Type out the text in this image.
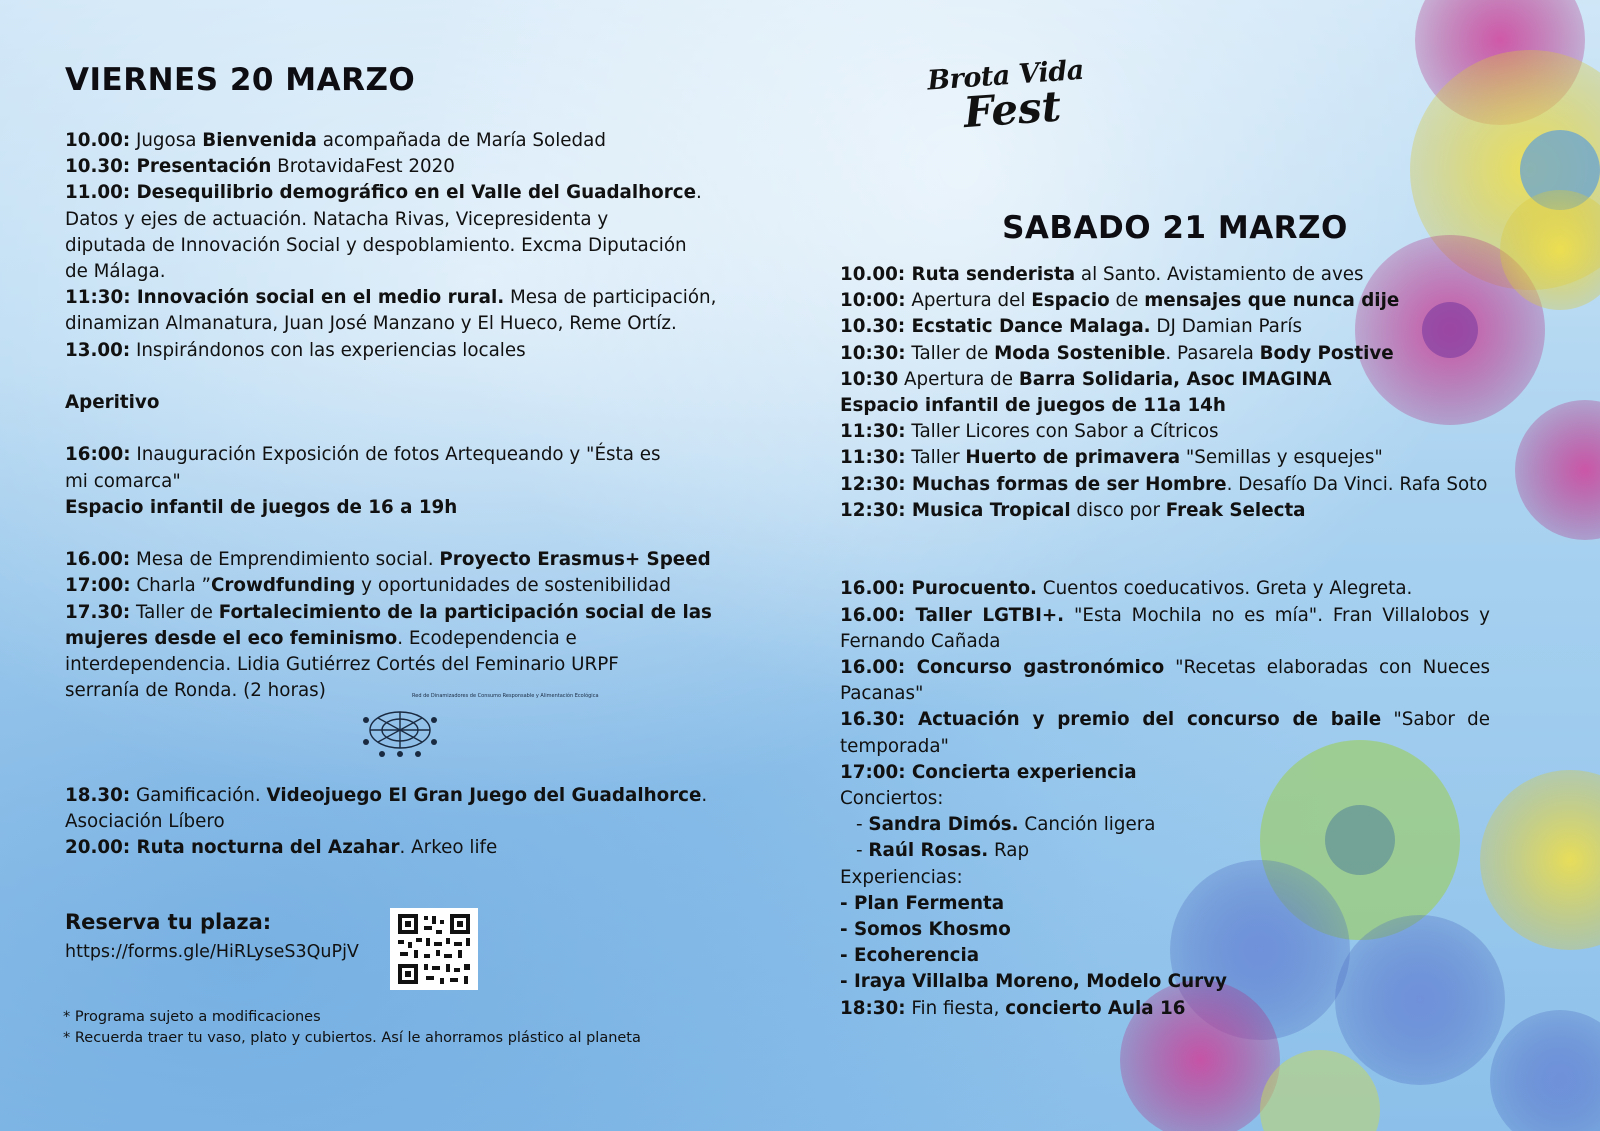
Brota Vida
Fest
VIERNES 20 MARZO
10.00: Jugosa Bienvenida acompañada de María Soledad
10.30: Presentación BrotavidaFest 2020
11.00: Desequilibrio demográfico en el Valle del Guadalhorce.
Datos y ejes de actuación. Natacha Rivas, Vicepresidenta y
diputada de Innovación Social y despoblamiento. Excma Diputación
de Málaga.
11:30: Innovación social en el medio rural. Mesa de participación,
dinamizan Almanatura, Juan José Manzano y El Hueco, Reme Ortíz.
13.00: Inspirándonos con las experiencias locales
Aperitivo
16:00: Inauguración Exposición de fotos Artequeando y "Ésta es
mi comarca"
Espacio infantil de juegos de 16 a 19h
16.00: Mesa de Emprendimiento social. Proyecto Erasmus+ Speed
17:00: Charla ”Crowdfunding y oportunidades de sostenibilidad
17.30: Taller de Fortalecimiento de la participación social de las
mujeres desde el eco feminismo. Ecodependencia e
interdependencia. Lidia Gutiérrez Cortés del Feminario URPF
serranía de Ronda. (2 horas)
18.30: Gamificación. Videojuego El Gran Juego del Guadalhorce.
Asociación Líbero
20.00: Ruta nocturna del Azahar. Arkeo life
Red de Dinamizadores de Consumo Responsable y Alimentación Ecológica
SABADO 21 MARZO
10.00: Ruta senderista al Santo. Avistamiento de aves
10:00: Apertura del Espacio de mensajes que nunca dije
10.30: Ecstatic Dance Malaga. DJ Damian París
10:30: Taller de Moda Sostenible. Pasarela Body Postive
10:30 Apertura de Barra Solidaria, Asoc IMAGINA
Espacio infantil de juegos de 11a 14h
11:30: Taller Licores con Sabor a Cítricos
11:30: Taller Huerto de primavera "Semillas y esquejes"
12:30: Muchas formas de ser Hombre. Desafío Da Vinci. Rafa Soto
12:30: Musica Tropical disco por Freak Selecta
16.00: Purocuento. Cuentos coeducativos. Greta y Alegreta.
16.00: Taller LGTBI+. "Esta Mochila no es mía". Fran Villalobos y
Fernando Cañada
16.00: Concurso gastronómico "Recetas elaboradas con Nueces
Pacanas"
16.30: Actuación y premio del concurso de baile "Sabor de
temporada"
17:00: Concierta experiencia
Conciertos:
- Sandra Dimós. Canción ligera
- Raúl Rosas. Rap
Experiencias:
- Plan Fermenta
- Somos Khosmo
- Ecoherencia
- Iraya Villalba Moreno, Modelo Curvy
18:30: Fin fiesta, concierto Aula 16
Reserva tu plaza:
https://forms.gle/HiRLyseS3QuPjV
* Programa sujeto a modificaciones
* Recuerda traer tu vaso, plato y cubiertos. Así le ahorramos plástico al planeta
